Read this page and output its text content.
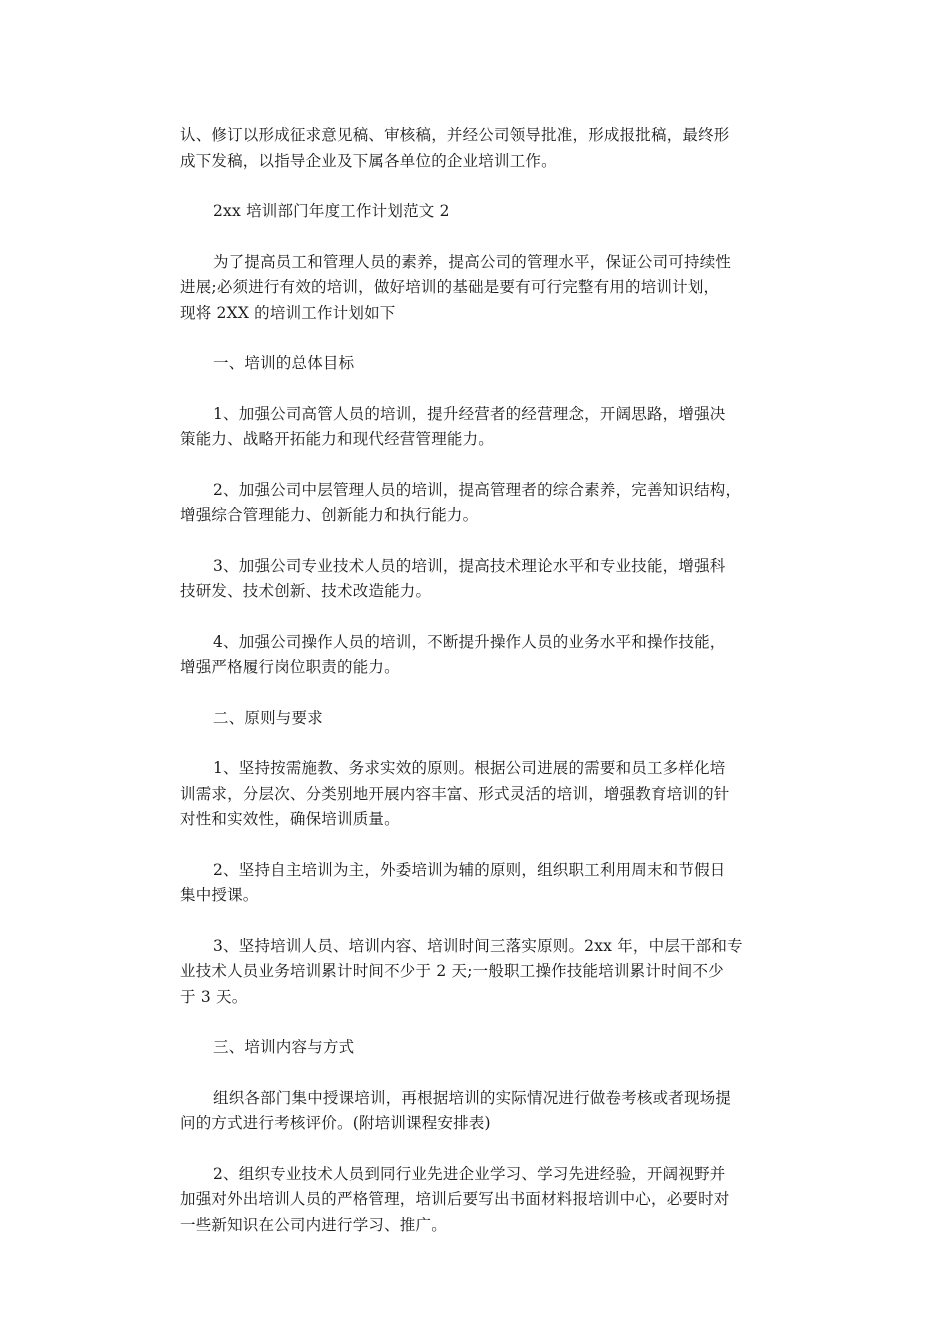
认、修订以形成征求意见稿、审核稿，并经公司领导批准，形成报批稿，最终形
成下发稿，以指导企业及下属各单位的企业培训工作。

2xx 培训部门年度工作计划范文 2

为了提高员工和管理人员的素养，提高公司的管理水平，保证公司可持续性
进展;必须进行有效的培训，做好培训的基础是要有可行完整有用的培训计划，
现将 2XX 的培训工作计划如下

一、培训的总体目标

1、加强公司高管人员的培训，提升经营者的经营理念，开阔思路，增强决
策能力、战略开拓能力和现代经营管理能力。

2、加强公司中层管理人员的培训，提高管理者的综合素养，完善知识结构，
增强综合管理能力、创新能力和执行能力。

3、加强公司专业技术人员的培训，提高技术理论水平和专业技能，增强科
技研发、技术创新、技术改造能力。

4、加强公司操作人员的培训，不断提升操作人员的业务水平和操作技能，
增强严格履行岗位职责的能力。

二、原则与要求

1、坚持按需施教、务求实效的原则。根据公司进展的需要和员工多样化培
训需求，分层次、分类别地开展内容丰富、形式灵活的培训，增强教育培训的针
对性和实效性，确保培训质量。

2、坚持自主培训为主，外委培训为辅的原则，组织职工利用周末和节假日
集中授课。

3、坚持培训人员、培训内容、培训时间三落实原则。2xx 年，中层干部和专
业技术人员业务培训累计时间不少于 2 天;一般职工操作技能培训累计时间不少
于 3 天。

三、培训内容与方式

组织各部门集中授课培训，再根据培训的实际情况进行做卷考核或者现场提
问的方式进行考核评价。(附培训课程安排表)

2、组织专业技术人员到同行业先进企业学习、学习先进经验，开阔视野并
加强对外出培训人员的严格管理，培训后要写出书面材料报培训中心，必要时对
一些新知识在公司内进行学习、推广。
